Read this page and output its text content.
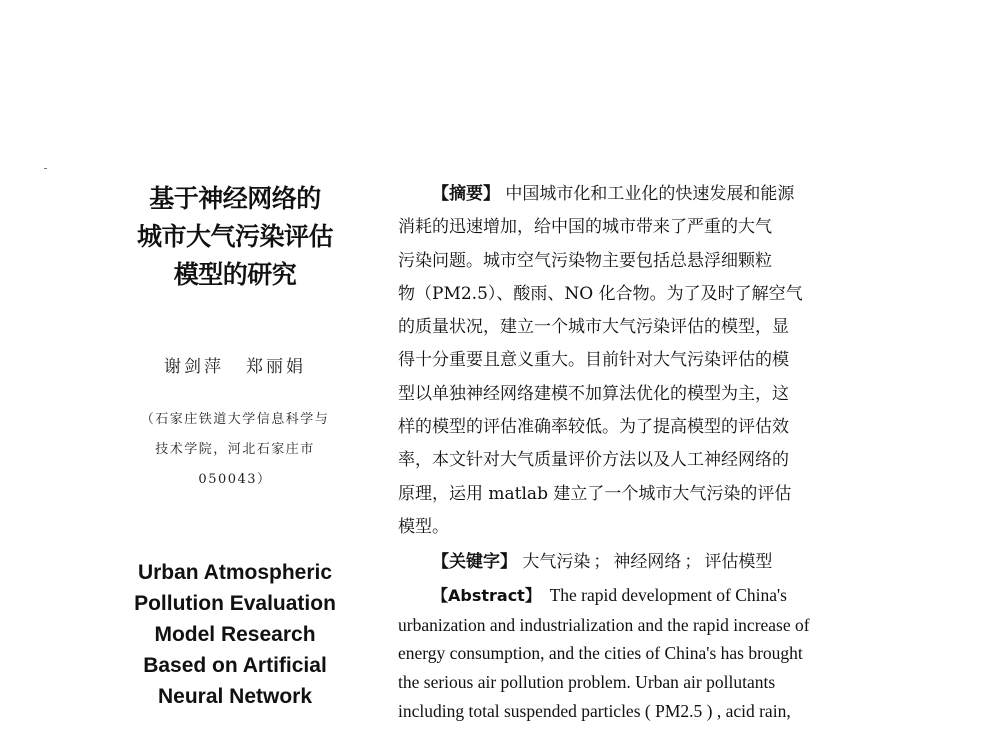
基于神经网络的
城市大气污染评估
模型的研究
谢剑萍 郑丽娟
（石家庄铁道大学信息科学与
技术学院，河北石家庄市
050043）
Urban Atmospheric
Pollution Evaluation
Model Research
Based on Artificial
Neural Network
【摘要】 中国城市化和工业化的快速发展和能源
消耗的迅速增加，给中国的城市带来了严重的大气
污染问题。城市空气污染物主要包括总悬浮细颗粒
物（PM2.5）、酸雨、NO 化合物。为了及时了解空气
的质量状况，建立一个城市大气污染评估的模型，显
得十分重要且意义重大。目前针对大气污染评估的模
型以单独神经网络建模不加算法优化的模型为主，这
样的模型的评估准确率较低。为了提高模型的评估效
率，本文针对大气质量评价方法以及人工神经网络的
原理，运用 matlab 建立了一个城市大气污染的评估
模型。
【关键字】 大气污染 ； 神经网络 ； 评估模型
【Abstract】 The rapid development of China's
urbanization and industrialization and the rapid increase of
energy consumption, and the cities of China's has brought
the serious air pollution problem. Urban air pollutants
including total suspended particles ( PM2.5 ) , acid rain,
